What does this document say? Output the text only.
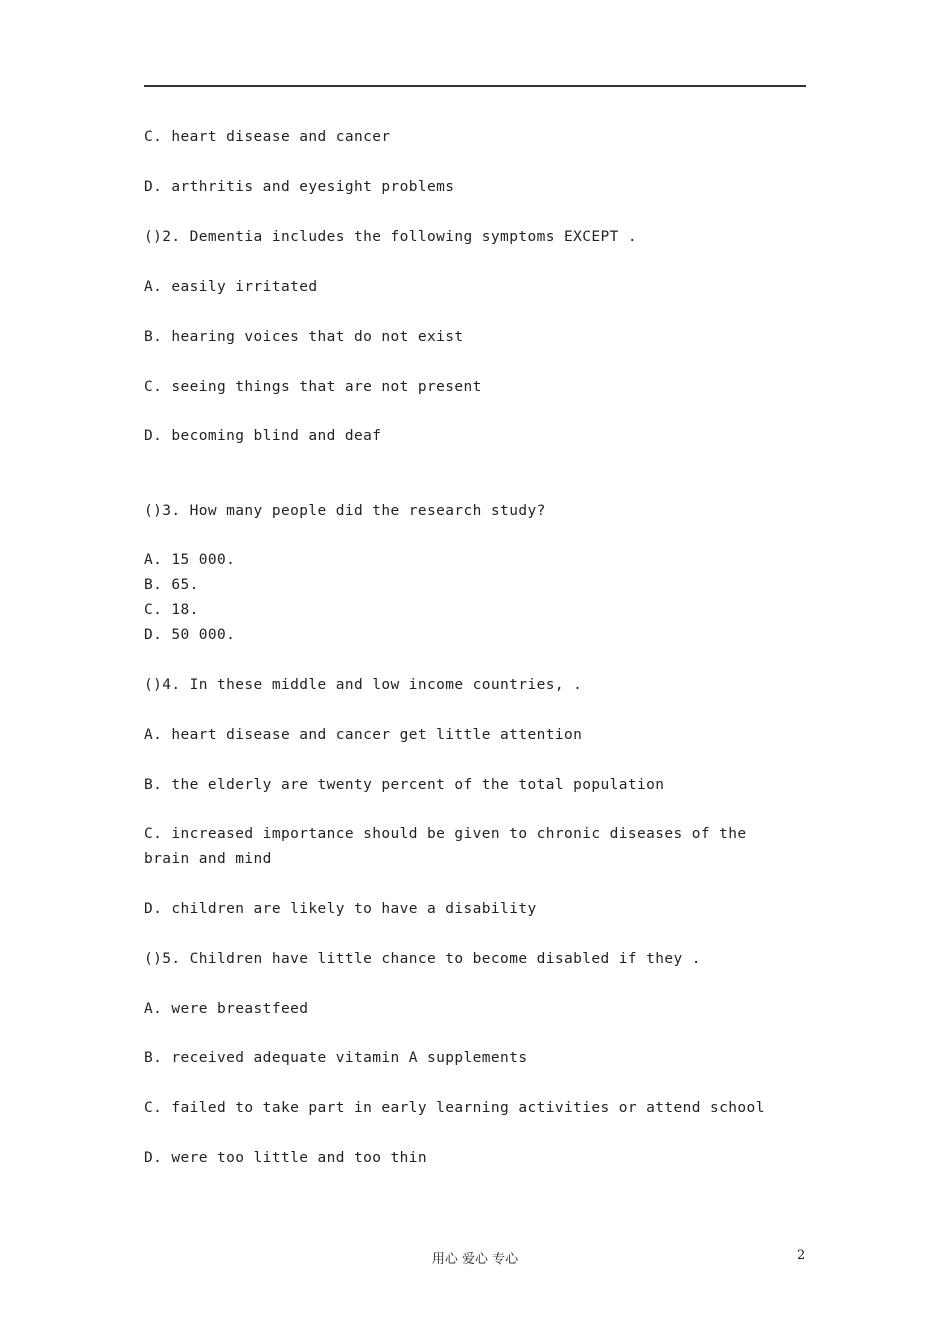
C. heart disease and cancer
D. arthritis and eyesight problems
()2. Dementia includes the following symptoms EXCEPT .
A. easily irritated
B. hearing voices that do not exist
C. seeing things that are not present
D. becoming blind and deaf
()3. How many people did the research study?
A. 15 000.
B. 65.
C. 18.
D. 50 000.
()4. In these middle and low income countries, .
A. heart disease and cancer get little attention
B. the elderly are twenty percent of the total population
C. increased importance should be given to chronic diseases of the brain and mind
D. children are likely to have a disability
()5. Children have little chance to become disabled if they .
A. were breastfeed
B. received adequate vitamin A supplements
C. failed to take part in early learning activities or attend school
D. were too little and too thin
用心 爱心 专心	2
